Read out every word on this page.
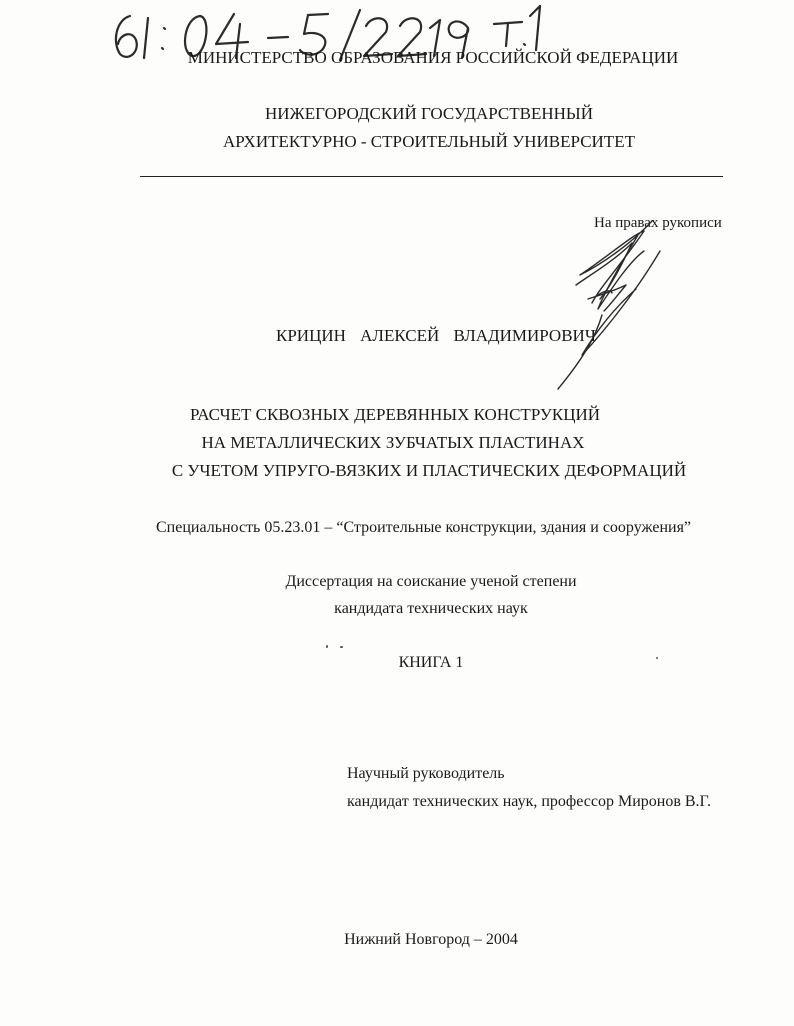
МИНИСТЕРСТВО ОБРАЗОВАНИЯ РОССИЙСКОЙ ФЕДЕРАЦИИ
НИЖЕГОРОДСКИЙ ГОСУДАРСТВЕННЫЙ
АРХИТЕКТУРНО - СТРОИТЕЛЬНЫЙ УНИВЕРСИТЕТ
На правах рукописи
КРИЦИН АЛЕКСЕЙ ВЛАДИМИРОВИЧ
РАСЧЕТ СКВОЗНЫХ ДЕРЕВЯННЫХ КОНСТРУКЦИЙ
НА МЕТАЛЛИЧЕСКИХ ЗУБЧАТЫХ ПЛАСТИНАХ
С УЧЕТОМ УПРУГО-ВЯЗКИХ И ПЛАСТИЧЕСКИХ ДЕФОРМАЦИЙ
Специальность 05.23.01 – “Строительные конструкции, здания и сооружения”
Диссертация на соискание ученой степени
кандидата технических наук
КНИГА 1
Научный руководитель
кандидат технических наук, профессор Миронов В.Г.
Нижний Новгород – 2004
